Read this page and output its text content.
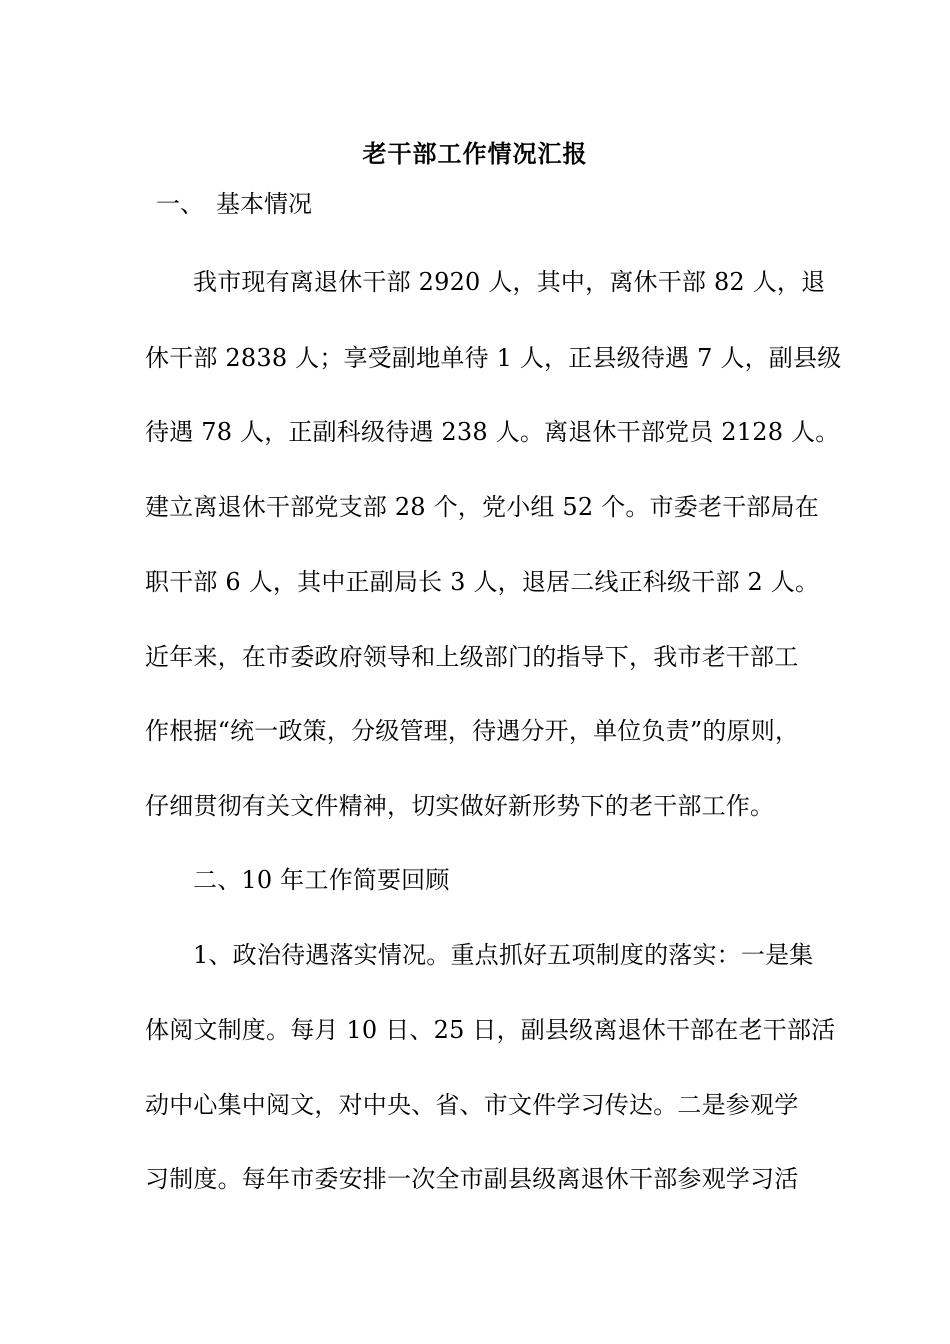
老干部工作情况汇报
一、 基本情况
我市现有离退休干部 2920 人，其中，离休干部 82 人，退
休干部 2838 人；享受副地单待 1 人，正县级待遇 7 人，副县级
待遇 78 人，正副科级待遇 238 人。离退休干部党员 2128 人。
建立离退休干部党支部 28 个，党小组 52 个。市委老干部局在
职干部 6 人，其中正副局长 3 人，退居二线正科级干部 2 人。
近年来，在市委政府领导和上级部门的指导下，我市老干部工
作根据“统一政策，分级管理，待遇分开，单位负责”的原则，
仔细贯彻有关文件精神，切实做好新形势下的老干部工作。
二、10 年工作简要回顾
1、政治待遇落实情况。重点抓好五项制度的落实：一是集
体阅文制度。每月 10 日、25 日，副县级离退休干部在老干部活
动中心集中阅文，对中央、省、市文件学习传达。二是参观学
习制度。每年市委安排一次全市副县级离退休干部参观学习活
